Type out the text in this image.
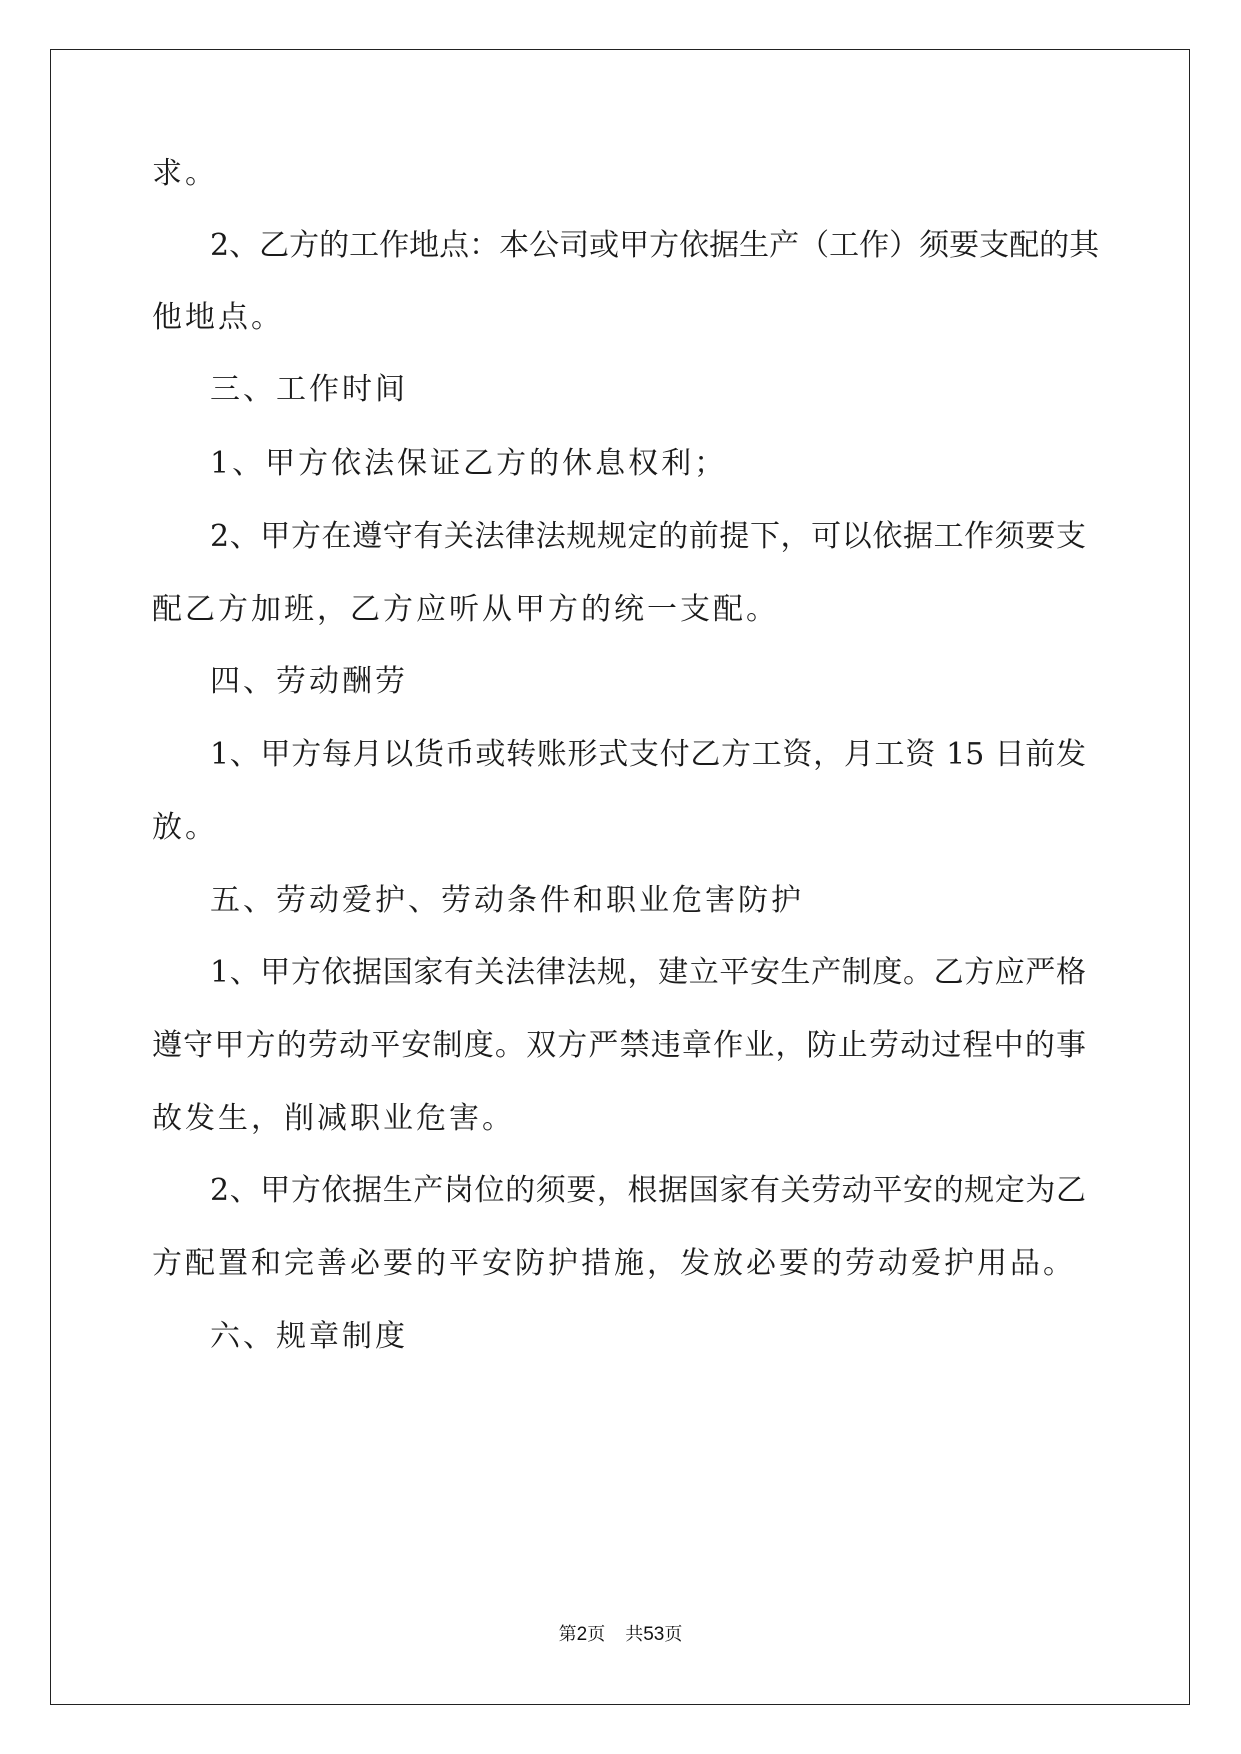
求。
2、乙方的工作地点：本公司或甲方依据生产（工作）须要支配的其
他地点。
三、工作时间
1、甲方依法保证乙方的休息权利；
2、甲方在遵守有关法律法规规定的前提下，可以依据工作须要支
配乙方加班，乙方应听从甲方的统一支配。
四、劳动酬劳
1、甲方每月以货币或转账形式支付乙方工资，月工资 15 日前发
放。
五、劳动爱护、劳动条件和职业危害防护
1、甲方依据国家有关法律法规，建立平安生产制度。乙方应严格
遵守甲方的劳动平安制度。双方严禁违章作业，防止劳动过程中的事
故发生，削减职业危害。
2、甲方依据生产岗位的须要，根据国家有关劳动平安的规定为乙
方配置和完善必要的平安防护措施，发放必要的劳动爱护用品。
六、规章制度
第2页 共53页
